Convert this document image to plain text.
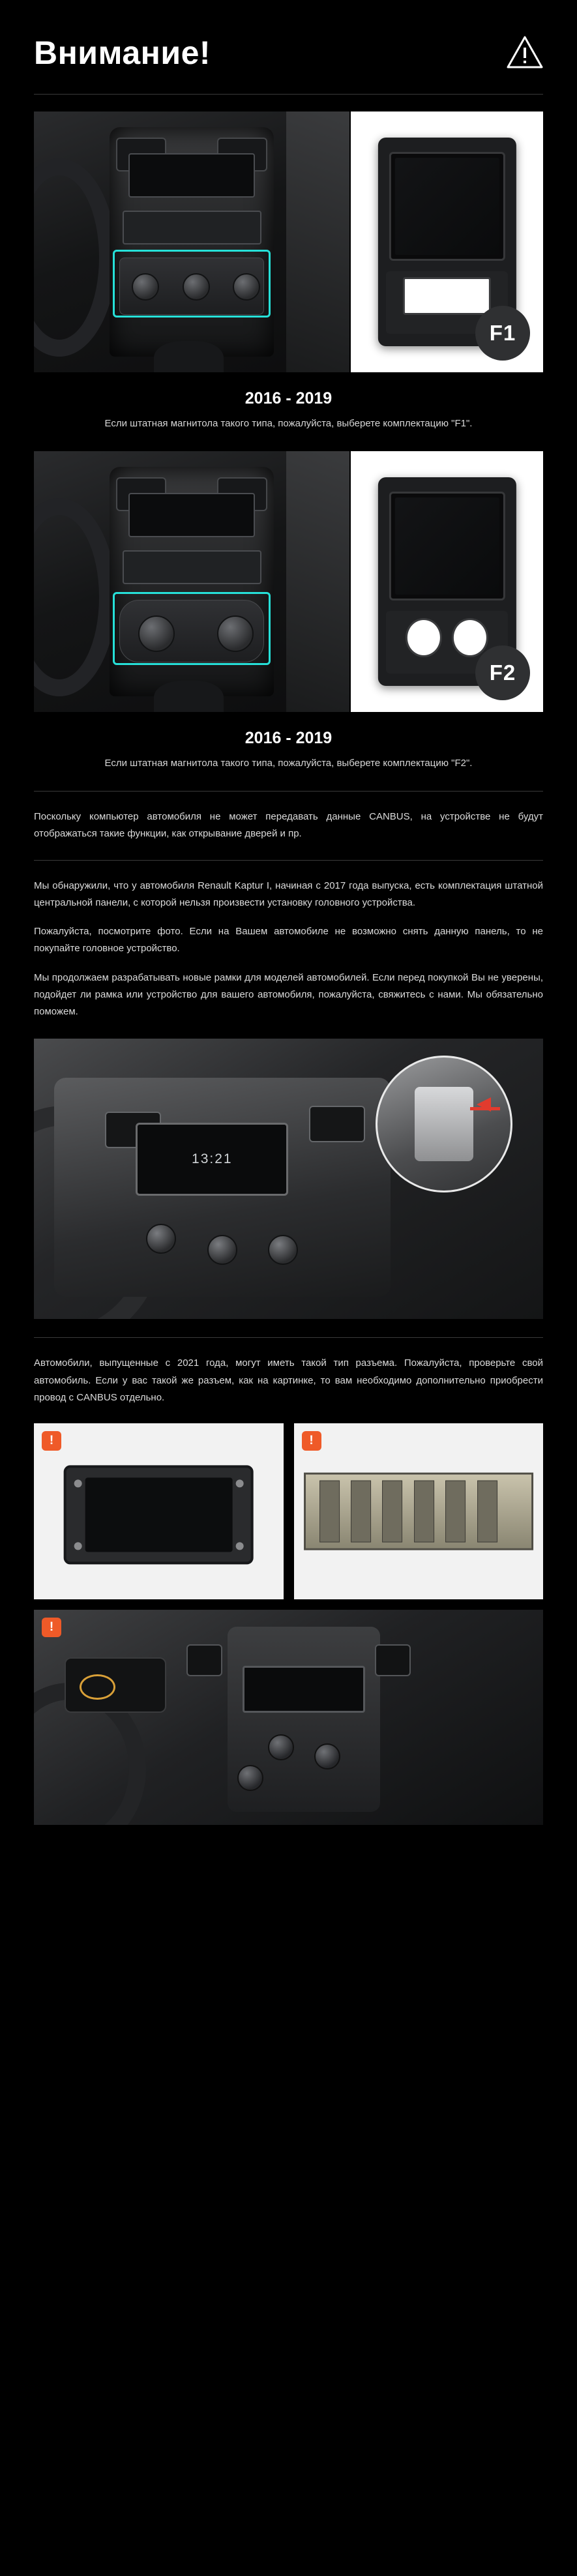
Внимание!
F1
2016 - 2019
Если штатная магнитола такого типа, пожалуйста, выберете комплектацию "F1".
F2
2016 - 2019
Если штатная магнитола такого типа, пожалуйста, выберете комплектацию "F2".
Поскольку компьютер автомобиля не может передавать данные CANBUS, на устройстве не будут отображаться такие функции, как открывание дверей и пр.
Мы обнаружили, что у автомобиля Renault Kaptur I, начиная с 2017 года выпуска, есть комплектация штатной центральной панели, с которой нельзя произвести установку головного устройства.
Пожалуйста, посмотрите фото. Если на Вашем автомобиле не возможно снять данную панель, то не покупайте головное устройство.
Мы продолжаем разрабатывать новые рамки для моделей автомобилей. Если перед покупкой Вы не уверены, подойдет ли рамка или устройство для вашего автомобиля, пожалуйста, свяжитесь с нами. Мы обязательно поможем.
13:21
Автомобили, выпущенные с 2021 года, могут иметь такой тип разъема. Пожалуйста, проверьте свой автомобиль. Если у вас такой же разъем, как на картинке, то вам необходимо дополнительно приобрести провод с CANBUS отдельно.
!	!
!
